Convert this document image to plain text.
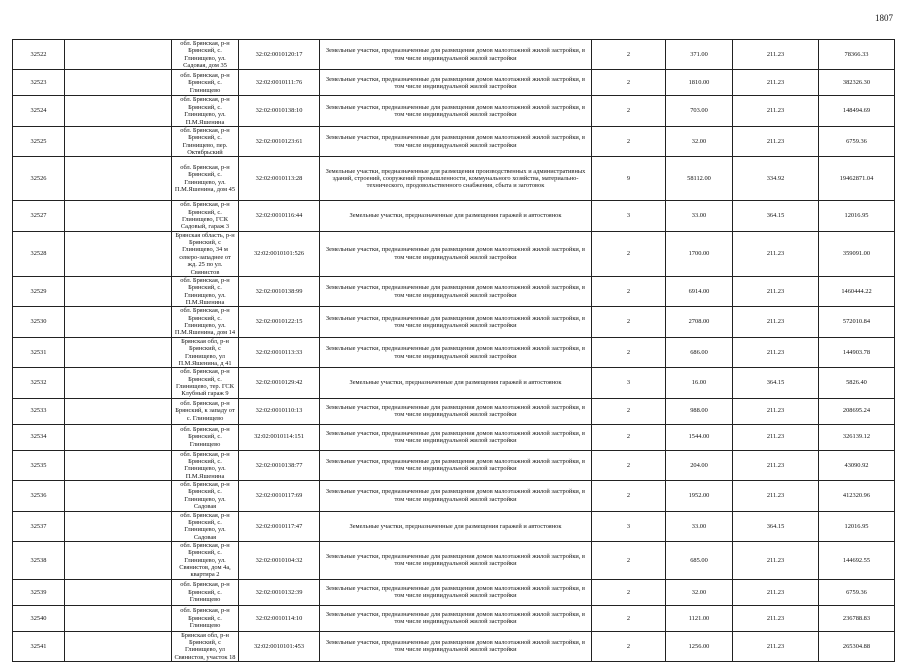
1807
32522		обл. Брянская, р-н Брянский, с. Глинищево, ул. Садовая, дом 35	32:02:0010120:17	Земельные участки, предназначенные для размещения домов малоэтажной жилой застройки, в том числе индивидуальной жилой застройки	2	371.00	211.23	78366.33
32523		обл. Брянская, р-н Брянский, с. Глинищево	32:02:0010111:76	Земельные участки, предназначенные для размещения домов малоэтажной жилой застройки, в том числе индивидуальной жилой застройки	2	1810.00	211.23	382326.30
32524		обл. Брянская, р-н Брянский, с. Глинищево, ул. П.М.Яшенина	32:02:0010138:10	Земельные участки, предназначенные для размещения домов малоэтажной жилой застройки, в том числе индивидуальной жилой застройки	2	703.00	211.23	148494.69
32525		обл. Брянская, р-н Брянский, с. Глинищево, пер. Октябрьский	32:02:0010123:61	Земельные участки, предназначенные для размещения домов малоэтажной жилой застройки, в том числе индивидуальной жилой застройки	2	32.00	211.23	6759.36
32526		обл. Брянская, р-н Брянский, с. Глинищево, ул. П.М.Яшенина, дом 45	32:02:0010113:28	Земельные участки, предназначенные для размещения производственных и административных зданий, строений, сооружений промышленности, коммунального хозяйства, материально-технического, продовольственного снабжения, сбыта и заготовок	9	58112.00	334.92	19462871.04
32527		обл. Брянская, р-н Брянский, с. Глинищево, ГСК Садовый, гараж 3	32:02:0010116:44	Земельные участки, предназначенные для размещения гаражей и автостоянок	3	33.00	364.15	12016.95
32528		Брянская область, р-н Брянский, с Глинищево, 34 м северо-западнее от жд. 25 по ул. Свянистов	32:02:0010101:526	Земельные участки, предназначенные для размещения домов малоэтажной жилой застройки, в том числе индивидуальной жилой застройки	2	1700.00	211.23	359091.00
32529		обл. Брянская, р-н Брянский, с. Глинищево, ул. П.М.Яшенина	32:02:0010138:99	Земельные участки, предназначенные для размещения домов малоэтажной жилой застройки, в том числе индивидуальной жилой застройки	2	6914.00	211.23	1460444.22
32530		обл. Брянская, р-н Брянский, с. Глинищево, ул. П.М.Яшенина, дом 14	32:02:0010122:15	Земельные участки, предназначенные для размещения домов малоэтажной жилой застройки, в том числе индивидуальной жилой застройки	2	2708.00	211.23	572010.84
32531		Брянская обл, р-н Брянский, с Глинищево, ул П.М.Яшенина, д 41	32:02:0010113:33	Земельные участки, предназначенные для размещения домов малоэтажной жилой застройки, в том числе индивидуальной жилой застройки	2	686.00	211.23	144903.78
32532		обл. Брянская, р-н Брянский, с. Глинищево, тер. ГСК Клубный гараж 9	32:02:0010129:42	Земельные участки, предназначенные для размещения гаражей и автостоянок	3	16.00	364.15	5826.40
32533		обл. Брянская, р-н Брянский, к западу от с. Глинищево	32:02:0010110:13	Земельные участки, предназначенные для размещения домов малоэтажной жилой застройки, в том числе индивидуальной жилой застройки	2	988.00	211.23	208695.24
32534		обл. Брянская, р-н Брянский, с. Глинищево	32:02:0010114:151	Земельные участки, предназначенные для размещения домов малоэтажной жилой застройки, в том числе индивидуальной жилой застройки	2	1544.00	211.23	326139.12
32535		обл. Брянская, р-н Брянский, с. Глинищево, ул. П.М.Яшенина	32:02:0010138:77	Земельные участки, предназначенные для размещения домов малоэтажной жилой застройки, в том числе индивидуальной жилой застройки	2	204.00	211.23	43090.92
32536		обл. Брянская, р-н Брянский, с. Глинищево, ул. Садовая	32:02:0010117:69	Земельные участки, предназначенные для размещения домов малоэтажной жилой застройки, в том числе индивидуальной жилой застройки	2	1952.00	211.23	412320.96
32537		обл. Брянская, р-н Брянский, с. Глинищево, ул. Садовая	32:02:0010117:47	Земельные участки, предназначенные для размещения гаражей и автостоянок	3	33.00	364.15	12016.95
32538		обл. Брянская, р-н Брянский, с. Глинищево, ул. Свянистов, дом 4а, квартира 2	32:02:0010104:32	Земельные участки, предназначенные для размещения домов малоэтажной жилой застройки, в том числе индивидуальной жилой застройки	2	685.00	211.23	144692.55
32539		обл. Брянская, р-н Брянский, с. Глинищево	32:02:0010132:39	Земельные участки, предназначенные для размещения домов малоэтажной жилой застройки, в том числе индивидуальной жилой застройки	2	32.00	211.23	6759.36
32540		обл. Брянская, р-н Брянский, с. Глинищево	32:02:0010114:10	Земельные участки, предназначенные для размещения домов малоэтажной жилой застройки, в том числе индивидуальной жилой застройки	2	1121.00	211.23	236788.83
32541		Брянская обл, р-н Брянский, с Глинищево, ул Свянистов, участок 18	32:02:0010101:453	Земельные участки, предназначенные для размещения домов малоэтажной жилой застройки, в том числе индивидуальной жилой застройки	2	1256.00	211.23	265304.88
